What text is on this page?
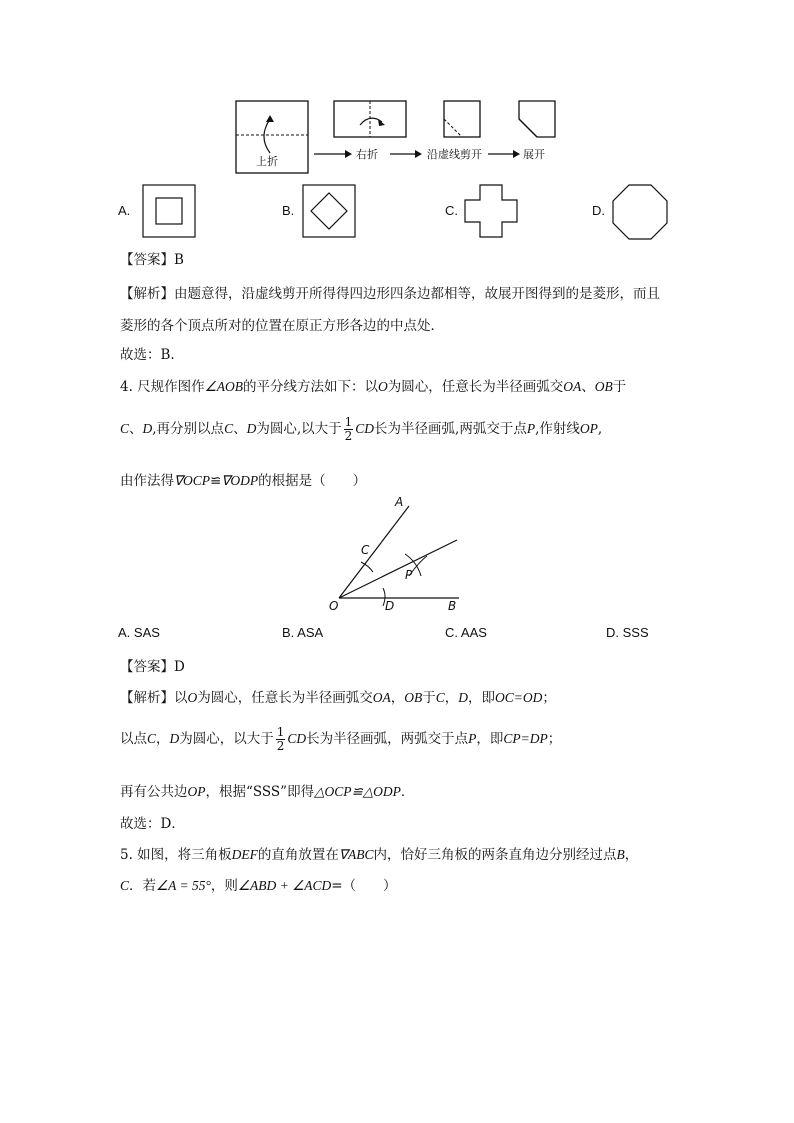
上折
右折	沿虚线剪开	展开
A.	B.	C.	D.
【答案】B
【解析】由题意得，沿虚线剪开所得得四边形四条边都相等，故展开图得到的是菱形，而且
菱形的各个顶点所对的位置在原正方形各边的中点处．
故选：B.
4. 尺规作图作∠AOB的平分线方法如下：以O为圆心，任意长为半径画弧交OA、OB于
C、D,再分别以点C、D为圆心,以大于 $\frac{1}{2}$ CD长为半径画弧,两弧交于点P,作射线OP,
由作法得∇OCP≌∇ODP的根据是（　　）
A
C
P
O	D	B
A. SAS	B. ASA	C. AAS	D. SSS
【答案】D
【解析】以O为圆心，任意长为半径画弧交OA，OB于C，D，即OC=OD；
以点C，D为圆心，以大于 $\frac{1}{2}$ CD长为半径画弧，两弧交于点P，即CP=DP；
再有公共边OP，根据“SSS”即得△OCP≌△ODP．
故选：D．
5. 如图，将三角板DEF的直角放置在∇ABC内，恰好三角板的两条直角边分别经过点B，
C．若∠A = 55°，则∠ABD + ∠ACD=（　　）
